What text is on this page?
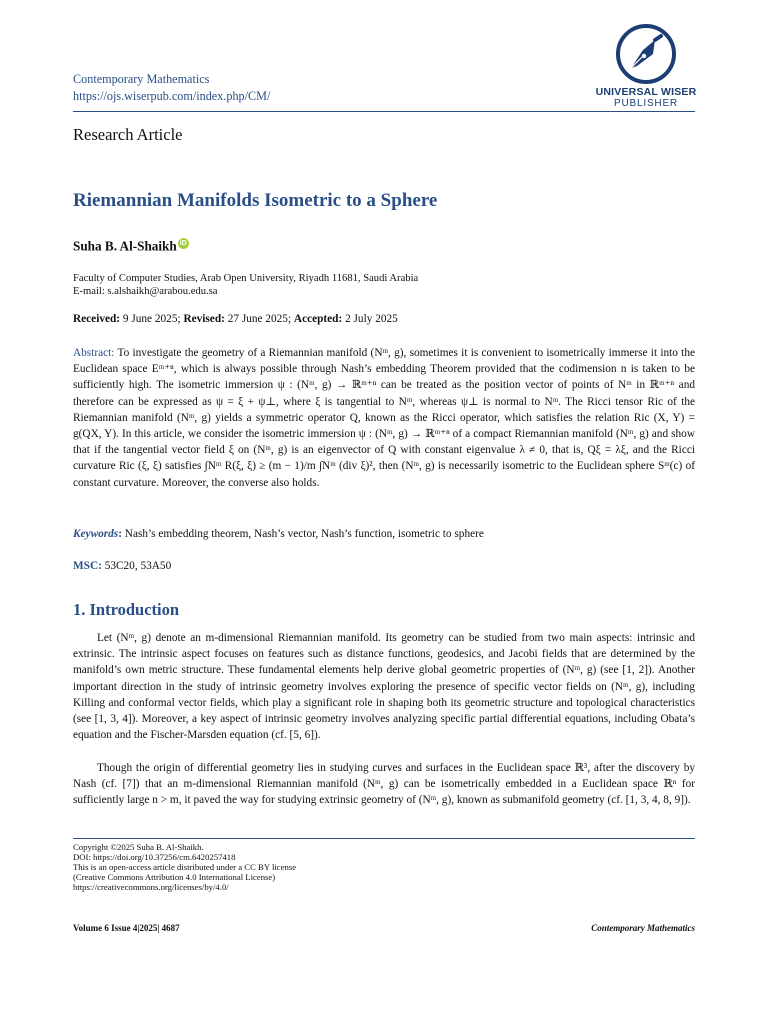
Contemporary Mathematics
https://ojs.wiserpub.com/index.php/CM/	UNIVERSAL WISER
PUBLISHER
Research Article
Riemannian Manifolds Isometric to a Sphere
Suha B. Al-Shaikh iD
Faculty of Computer Studies, Arab Open University, Riyadh 11681, Saudi Arabia
E-mail: s.alshaikh@arabou.edu.sa
Received: 9 June 2025; Revised: 27 June 2025; Accepted: 2 July 2025
Abstract: To investigate the geometry of a Riemannian manifold (Nᵐ, g), sometimes it is convenient to isometrically immerse it into the Euclidean space Eᵐ⁺ⁿ, which is always possible through Nash’s embedding Theorem provided that the codimension n is taken to be sufficiently high. The isometric immersion ψ : (Nᵐ, g) → ℝᵐ⁺ⁿ can be treated as the position vector of points of Nᵐ in ℝᵐ⁺ⁿ and therefore can be expressed as ψ = ξ + ψ⊥, where ξ is tangential to Nᵐ, whereas ψ⊥ is normal to Nᵐ. The Ricci tensor Ric of the Riemannian manifold (Nᵐ, g) yields a symmetric operator Q, known as the Ricci operator, which satisfies the relation Ric (X, Y) = g(QX, Y). In this article, we consider the isometric immersion ψ : (Nᵐ, g) → ℝᵐ⁺ⁿ of a compact Riemannian manifold (Nᵐ, g) and show that if the tangential vector field ξ on (Nᵐ, g) is an eigenvector of Q with constant eigenvalue λ ≠ 0, that is, Qξ = λξ, and the Ricci curvature Ric (ξ, ξ) satisfies ∫Nᵐ R(ξ, ξ) ≥ (m − 1)/m ∫Nᵐ (div ξ)², then (Nᵐ, g) is necessarily isometric to the Euclidean sphere Sᵐ(c) of constant curvature. Moreover, the converse also holds.
Keywords: Nash’s embedding theorem, Nash’s vector, Nash’s function, isometric to sphere
MSC: 53C20, 53A50
1. Introduction
Let (Nᵐ, g) denote an m-dimensional Riemannian manifold. Its geometry can be studied from two main aspects: intrinsic and extrinsic. The intrinsic aspect focuses on features such as distance functions, geodesics, and Jacobi fields that are determined by the manifold’s own metric structure. These fundamental elements help derive global geometric properties of (Nᵐ, g) (see [1, 2]). Another important direction in the study of intrinsic geometry involves exploring the presence of specific vector fields on (Nᵐ, g), including Killing and conformal vector fields, which play a significant role in shaping both its geometric structure and topological characteristics (see [1, 3, 4]). Moreover, a key aspect of intrinsic geometry involves analyzing specific partial differential equations, including Obata’s equation and the Fischer-Marsden equation (cf. [5, 6]).
Though the origin of differential geometry lies in studying curves and surfaces in the Euclidean space ℝ³, after the discovery by Nash (cf. [7]) that an m-dimensional Riemannian manifold (Nᵐ, g) can be isometrically embedded in a Euclidean space ℝⁿ for sufficiently large n > m, it paved the way for studying extrinsic geometry of (Nᵐ, g), known as submanifold geometry (cf. [1, 3, 4, 8, 9]).
Copyright ©2025 Suha B. Al-Shaikh.
DOI: https://doi.org/10.37256/cm.6420257418
This is an open-access article distributed under a CC BY license
(Creative Commons Attribution 4.0 International License)
https://creativecommons.org/licenses/by/4.0/
Volume 6 Issue 4|2025| 4687	Contemporary Mathematics
